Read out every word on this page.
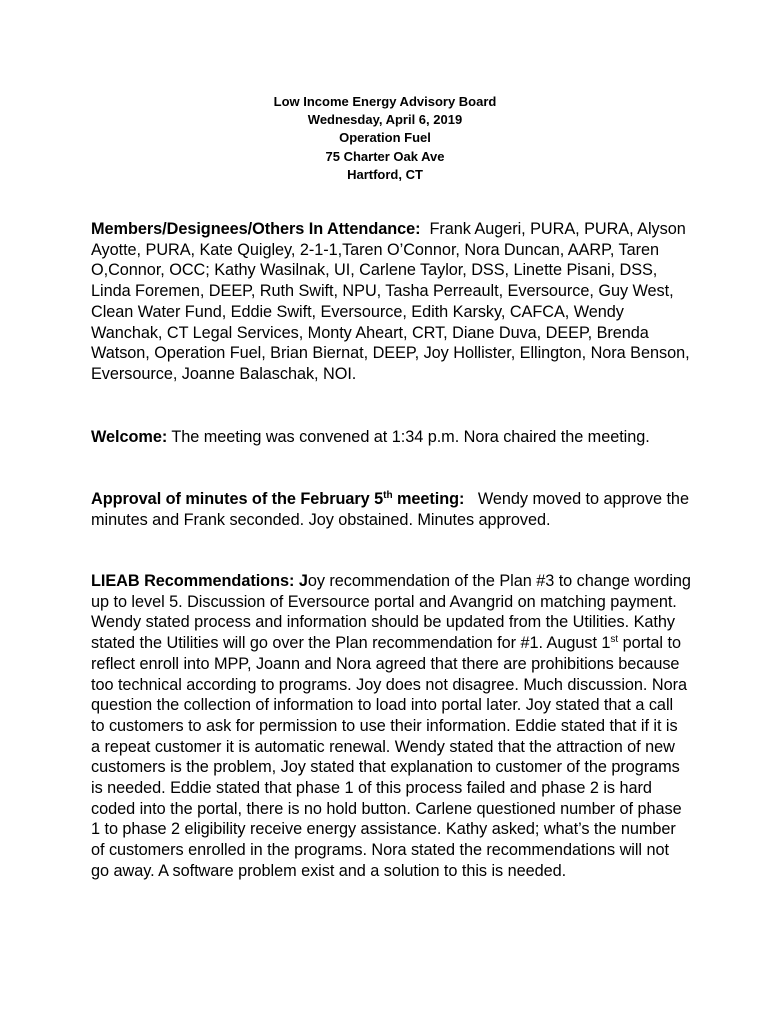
Low Income Energy Advisory Board
Wednesday, April 6, 2019
Operation Fuel
75 Charter Oak Ave
Hartford, CT

Members/Designees/Others In Attendance: Frank Augeri, PURA, PURA, Alyson Ayotte, PURA, Kate Quigley, 2-1-1,Taren O’Connor, Nora Duncan, AARP, Taren O,Connor, OCC; Kathy Wasilnak, UI, Carlene Taylor, DSS, Linette Pisani, DSS, Linda Foremen, DEEP, Ruth Swift, NPU, Tasha Perreault, Eversource, Guy West, Clean Water Fund, Eddie Swift, Eversource, Edith Karsky, CAFCA, Wendy Wanchak, CT Legal Services, Monty Aheart, CRT, Diane Duva, DEEP, Brenda Watson, Operation Fuel, Brian Biernat, DEEP, Joy Hollister, Ellington, Nora Benson, Eversource, Joanne Balaschak, NOI.

Welcome: The meeting was convened at 1:34 p.m. Nora chaired the meeting.

Approval of minutes of the February 5th meeting: Wendy moved to approve the minutes and Frank seconded. Joy obstained. Minutes approved.

LIEAB Recommendations: Joy recommendation of the Plan #3 to change wording up to level 5. Discussion of Eversource portal and Avangrid on matching payment. Wendy stated process and information should be updated from the Utilities. Kathy stated the Utilities will go over the Plan recommendation for #1. August 1st portal to reflect enroll into MPP, Joann and Nora agreed that there are prohibitions because too technical according to programs. Joy does not disagree. Much discussion. Nora question the collection of information to load into portal later. Joy stated that a call to customers to ask for permission to use their information. Eddie stated that if it is a repeat customer it is automatic renewal. Wendy stated that the attraction of new customers is the problem, Joy stated that explanation to customer of the programs is needed. Eddie stated that phase 1 of this process failed and phase 2 is hard coded into the portal, there is no hold button. Carlene questioned number of phase 1 to phase 2 eligibility receive energy assistance. Kathy asked; what’s the number of customers enrolled in the programs. Nora stated the recommendations will not go away. A software problem exist and a solution to this is needed.
